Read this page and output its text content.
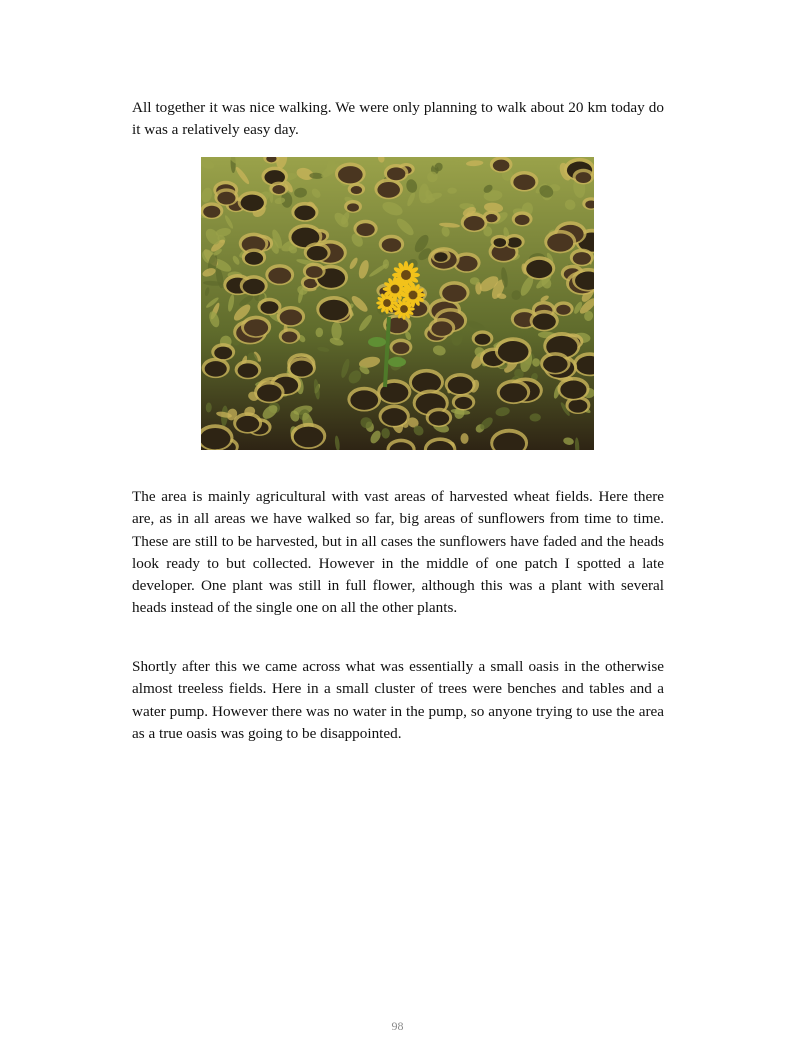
All together it was nice walking. We were only planning to walk about 20 km today do it was a relatively easy day.

The area is mainly agricultural with vast areas of harvested wheat fields. Here there are, as in all areas we have walked so far, big areas of sunflowers from time to time. These are still to be harvested, but in all cases the sunflowers have faded and the heads look ready to but collected. However in the middle of one patch I spotted a late developer. One plant was still in full flower, although this was a plant with several heads instead of the single one on all the other plants.

Shortly after this we came across what was essentially a small oasis in the otherwise almost treeless fields. Here in a small cluster of trees were benches and tables and a water pump. However there was no water in the pump, so anyone trying to use the area as a true oasis was going to be disappointed.

98
